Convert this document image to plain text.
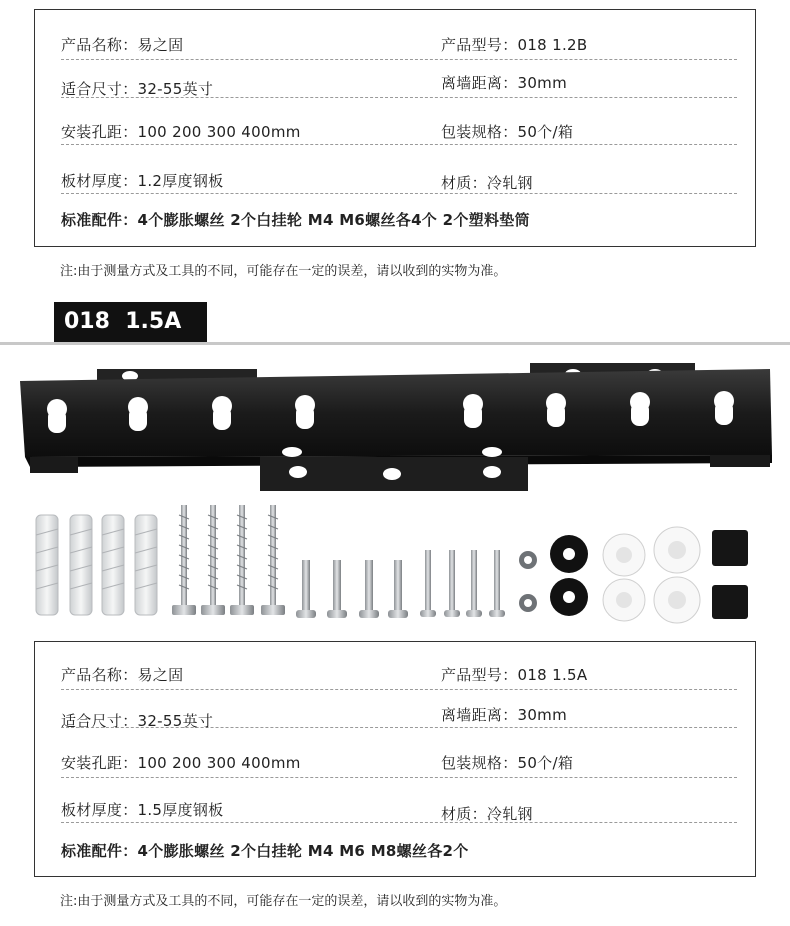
产品名称：易之固	产品型号：018 1.2B
适合尺寸：32-55英寸	离墙距离：30mm
安装孔距：100 200 300 400mm	包装规格：50个/箱
板材厚度：1.2厚度钢板	材质：冷轧钢
标准配件：4个膨胀螺丝 2个白挂轮 M4 M6螺丝各4个 2个塑料垫筒
注:由于测量方式及工具的不同，可能存在一定的误差，请以收到的实物为准。
018  1.5A
产品名称：易之固	产品型号：018 1.5A
适合尺寸：32-55英寸	离墙距离：30mm
安装孔距：100 200 300 400mm	包装规格：50个/箱
板材厚度：1.5厚度钢板	材质：冷轧钢
标准配件：4个膨胀螺丝 2个白挂轮 M4 M6 M8螺丝各2个
注:由于测量方式及工具的不同，可能存在一定的误差，请以收到的实物为准。
